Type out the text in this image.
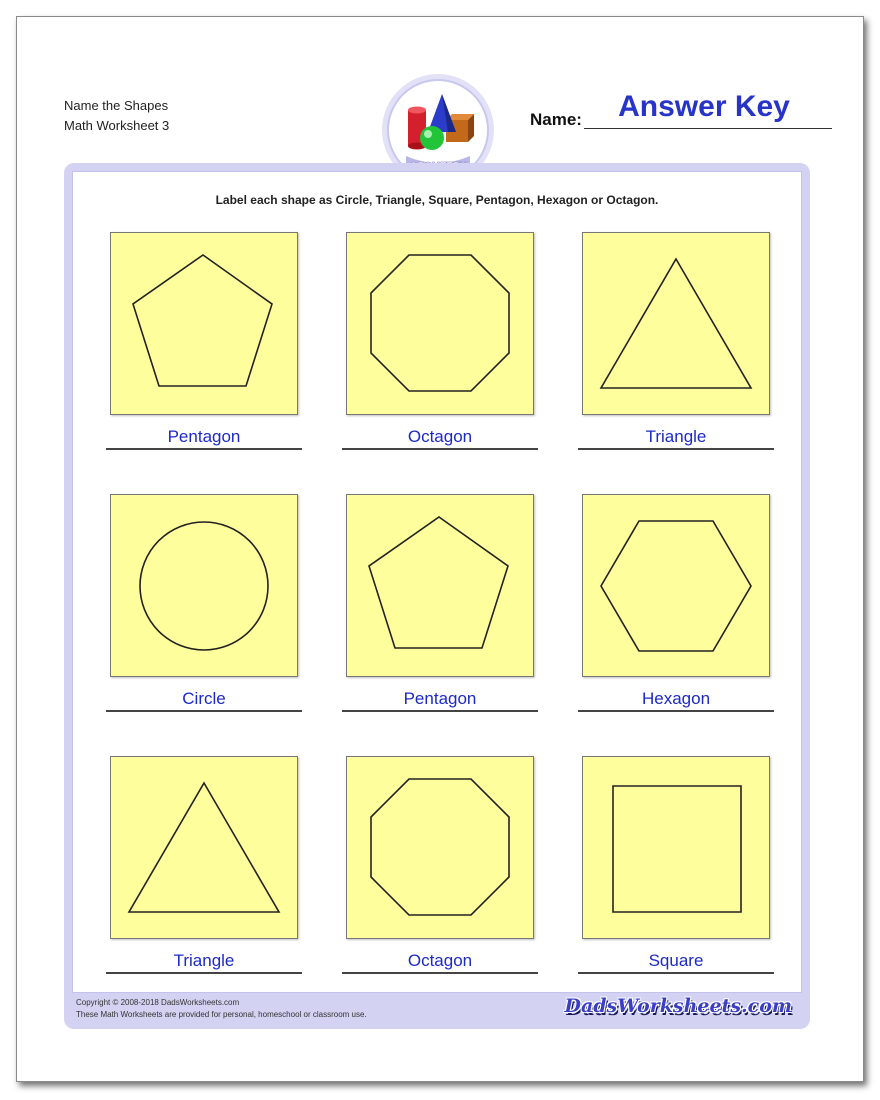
Name the Shapes
Math Worksheet 3	Name:	Answer Key
Label each shape as Circle, Triangle, Square, Pentagon, Hexagon or Octagon.
Pentagon	Octagon	Triangle
Circle	Pentagon	Hexagon
Triangle	Octagon	Square
Copyright © 2008-2018 DadsWorksheets.com
These Math Worksheets are provided for personal, homeschool or classroom use.	DadsWorksheets.com
